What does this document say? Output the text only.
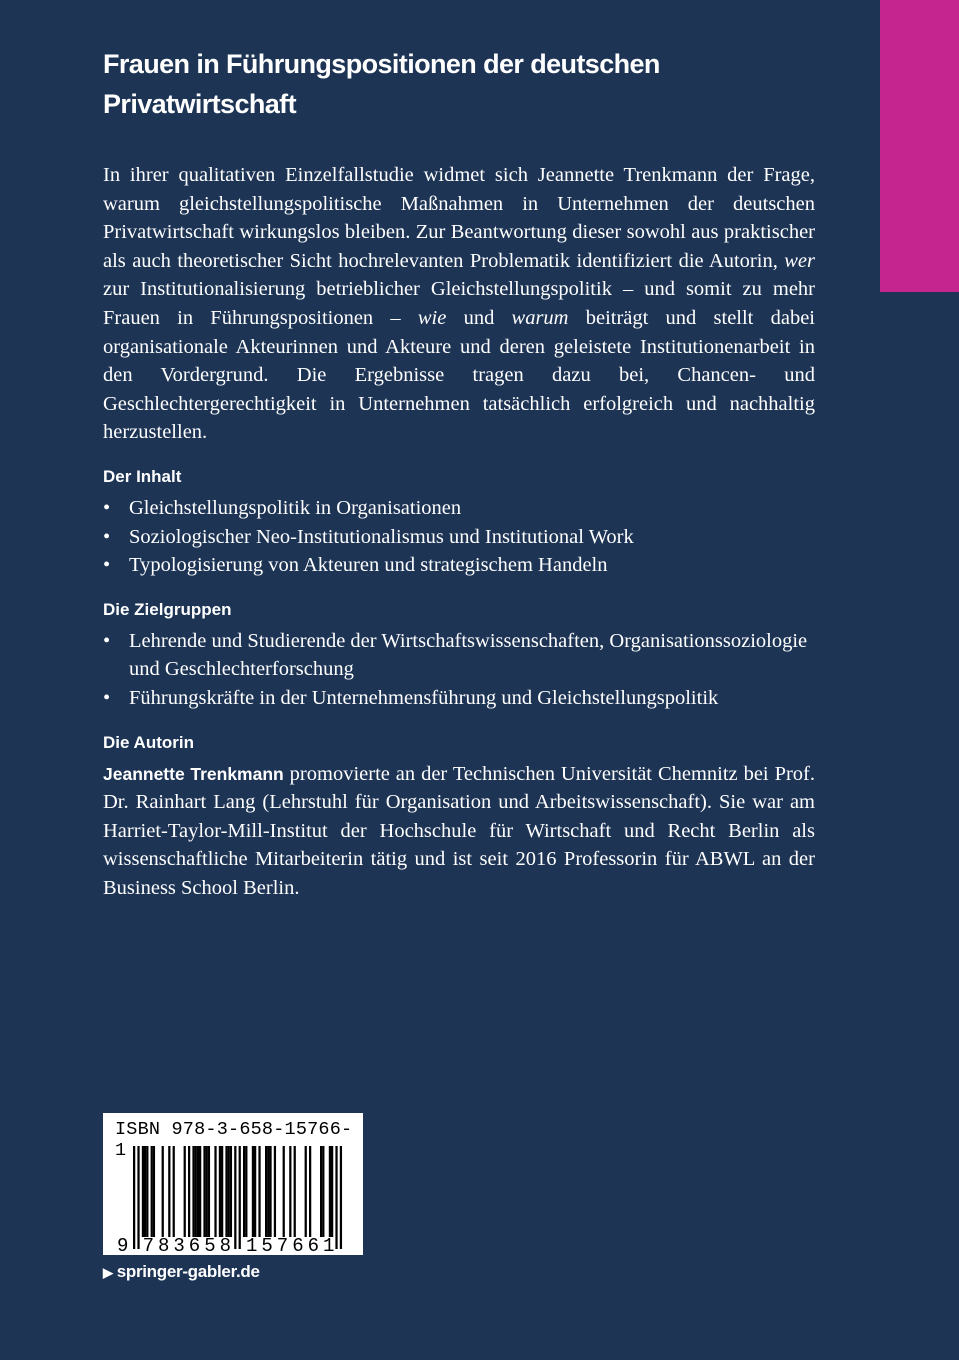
Frauen in Führungspositionen der deutschen Privatwirtschaft

In ihrer qualitativen Einzelfallstudie widmet sich Jeannette Trenkmann der Frage, warum gleichstellungspolitische Maßnahmen in Unternehmen der deutschen Privatwirtschaft wirkungslos bleiben. Zur Beantwortung dieser sowohl aus praktischer als auch theoretischer Sicht hochrelevanten Problematik identifiziert die Autorin, wer zur Institutionalisierung betrieblicher Gleichstellungspolitik – und somit zu mehr Frauen in Führungspositionen – wie und warum beiträgt und stellt dabei organisationale Akteurinnen und Akteure und deren geleistete Institutionenarbeit in den Vordergrund. Die Ergebnisse tragen dazu bei, Chancen- und Geschlechtergerechtigkeit in Unternehmen tatsächlich erfolgreich und nachhaltig herzustellen.

Der Inhalt
• Gleichstellungspolitik in Organisationen
• Soziologischer Neo-Institutionalismus und Institutional Work
• Typologisierung von Akteuren und strategischem Handeln
Die Zielgruppen
• Lehrende und Studierende der Wirtschaftswissenschaften, Organisationssoziologie und Geschlechterforschung
• Führungskräfte in der Unternehmensführung und Gleichstellungspolitik
Die Autorin

Jeannette Trenkmann promovierte an der Technischen Universität Chemnitz bei Prof. Dr. Rainhart Lang (Lehrstuhl für Organisation und Arbeitswissenschaft). Sie war am Harriet-Taylor-Mill-Institut der Hochschule für Wirtschaft und Recht Berlin als wissenschaftliche Mitarbeiterin tätig und ist seit 2016 Professorin für ABWL an der Business School Berlin.

ISBN 978-3-658-15766-1
9 7 8 3 6 5 8 1 5 7 6 6 1
▶ springer-gabler.de
